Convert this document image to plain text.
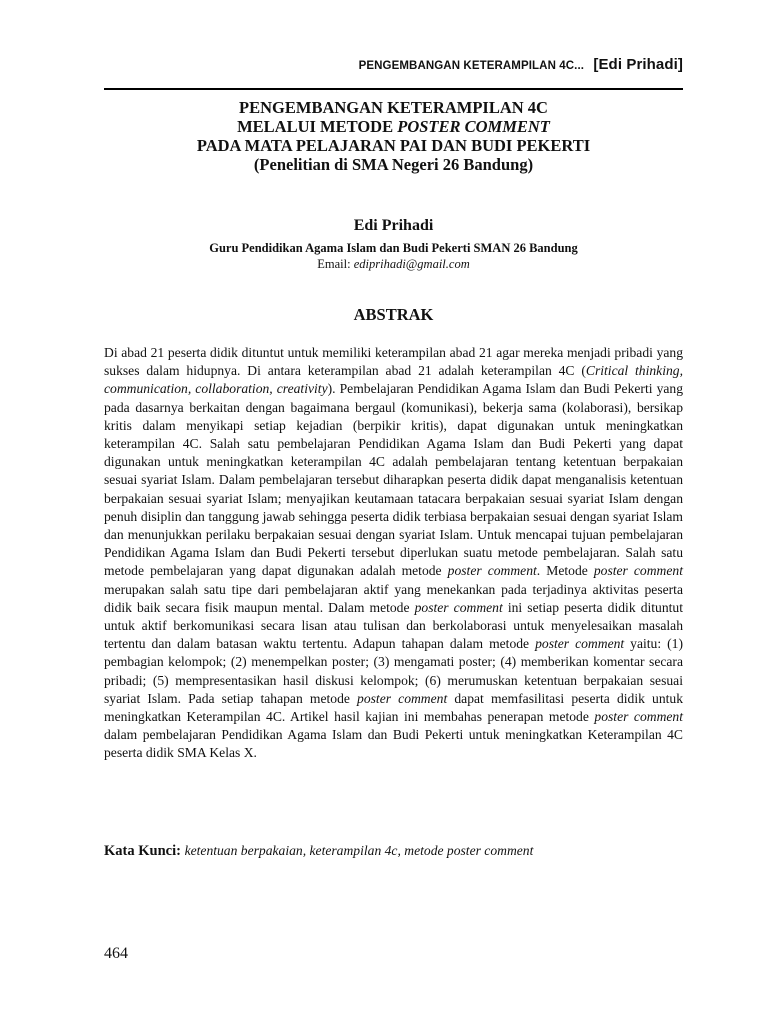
PENGEMBANGAN KETERAMPILAN 4C... [Edi Prihadi]
PENGEMBANGAN KETERAMPILAN 4C
MELALUI METODE POSTER COMMENT
PADA MATA PELAJARAN PAI DAN BUDI PEKERTI
(Penelitian di SMA Negeri 26 Bandung)
Edi Prihadi
Guru Pendidikan Agama Islam dan Budi Pekerti SMAN 26 Bandung
Email: ediprihadi@gmail.com
ABSTRAK

Di abad 21 peserta didik dituntut untuk memiliki keterampilan abad 21 agar mereka menjadi pribadi yang sukses dalam hidupnya. Di antara keterampilan abad 21 adalah keterampilan 4C (Critical thinking, communication, collaboration, creativity). Pembelajaran Pendidikan Agama Islam dan Budi Pekerti yang pada dasarnya berkaitan dengan bagaimana bergaul (komunikasi), bekerja sama (kolaborasi), bersikap kritis dalam menyikapi setiap kejadian (berpikir kritis), dapat digunakan untuk meningkatkan keterampilan 4C. Salah satu pembelajaran Pendidikan Agama Islam dan Budi Pekerti yang dapat digunakan untuk meningkatkan keterampilan 4C adalah pembelajaran tentang ketentuan berpakaian sesuai syariat Islam. Dalam pembelajaran tersebut diharapkan peserta didik dapat menganalisis ketentuan berpakaian sesuai syariat Islam; menyajikan keutamaan tatacara berpakaian sesuai syariat Islam dengan penuh disiplin dan tanggung jawab sehingga peserta didik terbiasa berpakaian sesuai dengan syariat Islam dan menunjukkan perilaku berpakaian sesuai dengan syariat Islam. Untuk mencapai tujuan pembelajaran Pendidikan Agama Islam dan Budi Pekerti tersebut diperlukan suatu metode pembelajaran. Salah satu metode pembelajaran yang dapat digunakan adalah metode poster comment. Metode poster comment merupakan salah satu tipe dari pembelajaran aktif yang menekankan pada terjadinya aktivitas peserta didik baik secara fisik maupun mental. Dalam metode poster comment ini setiap peserta didik dituntut untuk aktif berkomunikasi secara lisan atau tulisan dan berkolaborasi untuk menyelesaikan masalah tertentu dan dalam batasan waktu tertentu. Adapun tahapan dalam metode poster comment yaitu: (1) pembagian kelompok; (2) menempelkan poster; (3) mengamati poster; (4) memberikan komentar secara pribadi; (5) mempresentasikan hasil diskusi kelompok; (6) merumuskan ketentuan berpakaian sesuai syariat Islam. Pada setiap tahapan metode poster comment dapat memfasilitasi peserta didik untuk meningkatkan Keterampilan 4C. Artikel hasil kajian ini membahas penerapan metode poster comment dalam pembelajaran Pendidikan Agama Islam dan Budi Pekerti untuk meningkatkan Keterampilan 4C peserta didik SMA Kelas X.

Kata Kunci: ketentuan berpakaian, keterampilan 4c, metode poster comment
464
